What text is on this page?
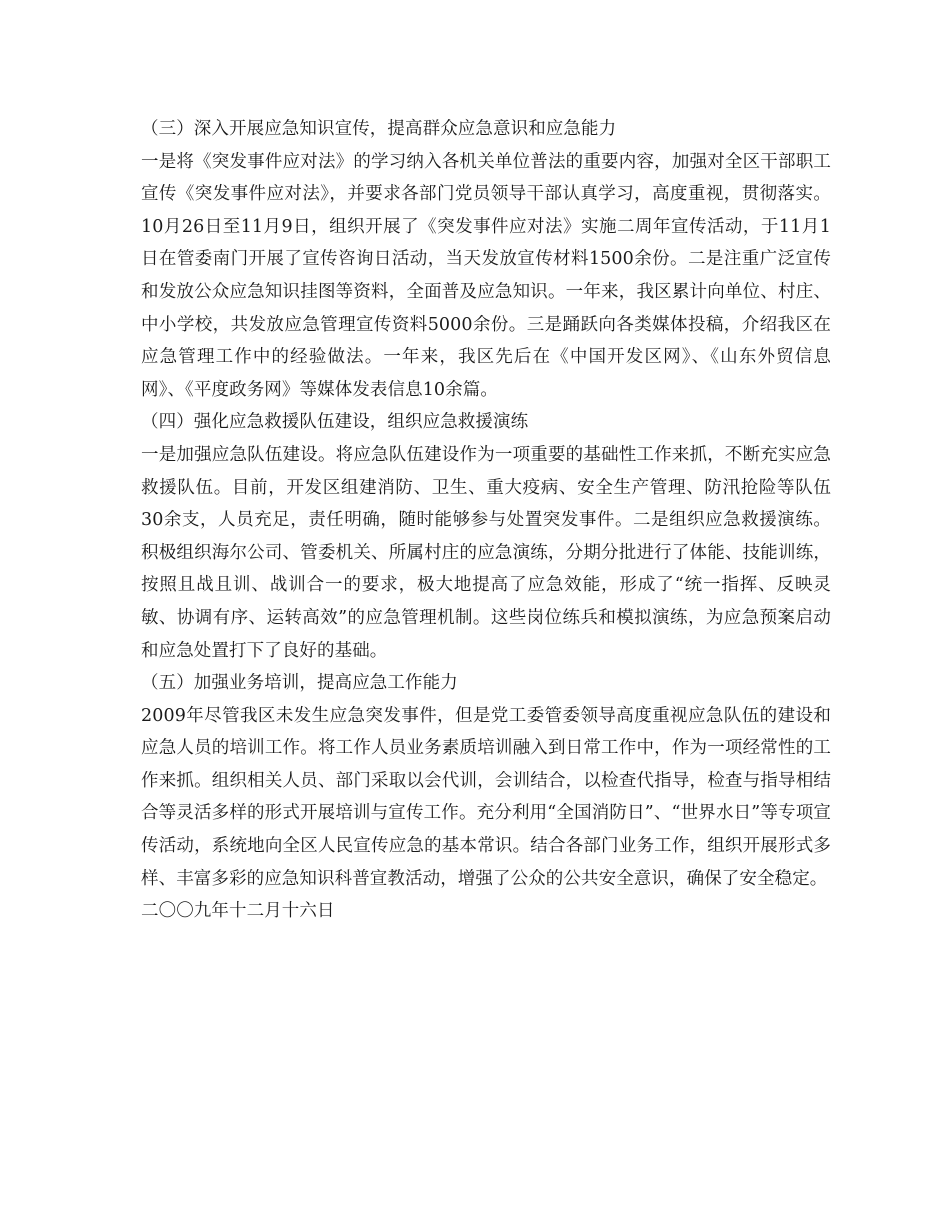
（三）深入开展应急知识宣传，提高群众应急意识和应急能力

一是将《突发事件应对法》的学习纳入各机关单位普法的重要内容，加强对全区干部职工宣传《突发事件应对法》，并要求各部门党员领导干部认真学习，高度重视，贯彻落实。10月26日至11月9日，组织开展了《突发事件应对法》实施二周年宣传活动，于11月1日在管委南门开展了宣传咨询日活动，当天发放宣传材料1500余份。二是注重广泛宣传和发放公众应急知识挂图等资料，全面普及应急知识。一年来，我区累计向单位、村庄、中小学校，共发放应急管理宣传资料5000余份。三是踊跃向各类媒体投稿，介绍我区在应急管理工作中的经验做法。一年来，我区先后在《中国开发区网》、《山东外贸信息网》、《平度政务网》等媒体发表信息10余篇。

（四）强化应急救援队伍建设，组织应急救援演练

一是加强应急队伍建设。将应急队伍建设作为一项重要的基础性工作来抓，不断充实应急救援队伍。目前，开发区组建消防、卫生、重大疫病、安全生产管理、防汛抢险等队伍30余支，人员充足，责任明确，随时能够参与处置突发事件。二是组织应急救援演练。积极组织海尔公司、管委机关、所属村庄的应急演练，分期分批进行了体能、技能训练，按照且战且训、战训合一的要求，极大地提高了应急效能，形成了“统一指挥、反映灵敏、协调有序、运转高效”的应急管理机制。这些岗位练兵和模拟演练，为应急预案启动和应急处置打下了良好的基础。

（五）加强业务培训，提高应急工作能力

2009年尽管我区未发生应急突发事件，但是党工委管委领导高度重视应急队伍的建设和应急人员的培训工作。将工作人员业务素质培训融入到日常工作中，作为一项经常性的工作来抓。组织相关人员、部门采取以会代训，会训结合，以检查代指导，检查与指导相结合等灵活多样的形式开展培训与宣传工作。充分利用“全国消防日”、“世界水日”等专项宣传活动，系统地向全区人民宣传应急的基本常识。结合各部门业务工作，组织开展形式多样、丰富多彩的应急知识科普宣教活动，增强了公众的公共安全意识，确保了安全稳定。

二〇〇九年十二月十六日
